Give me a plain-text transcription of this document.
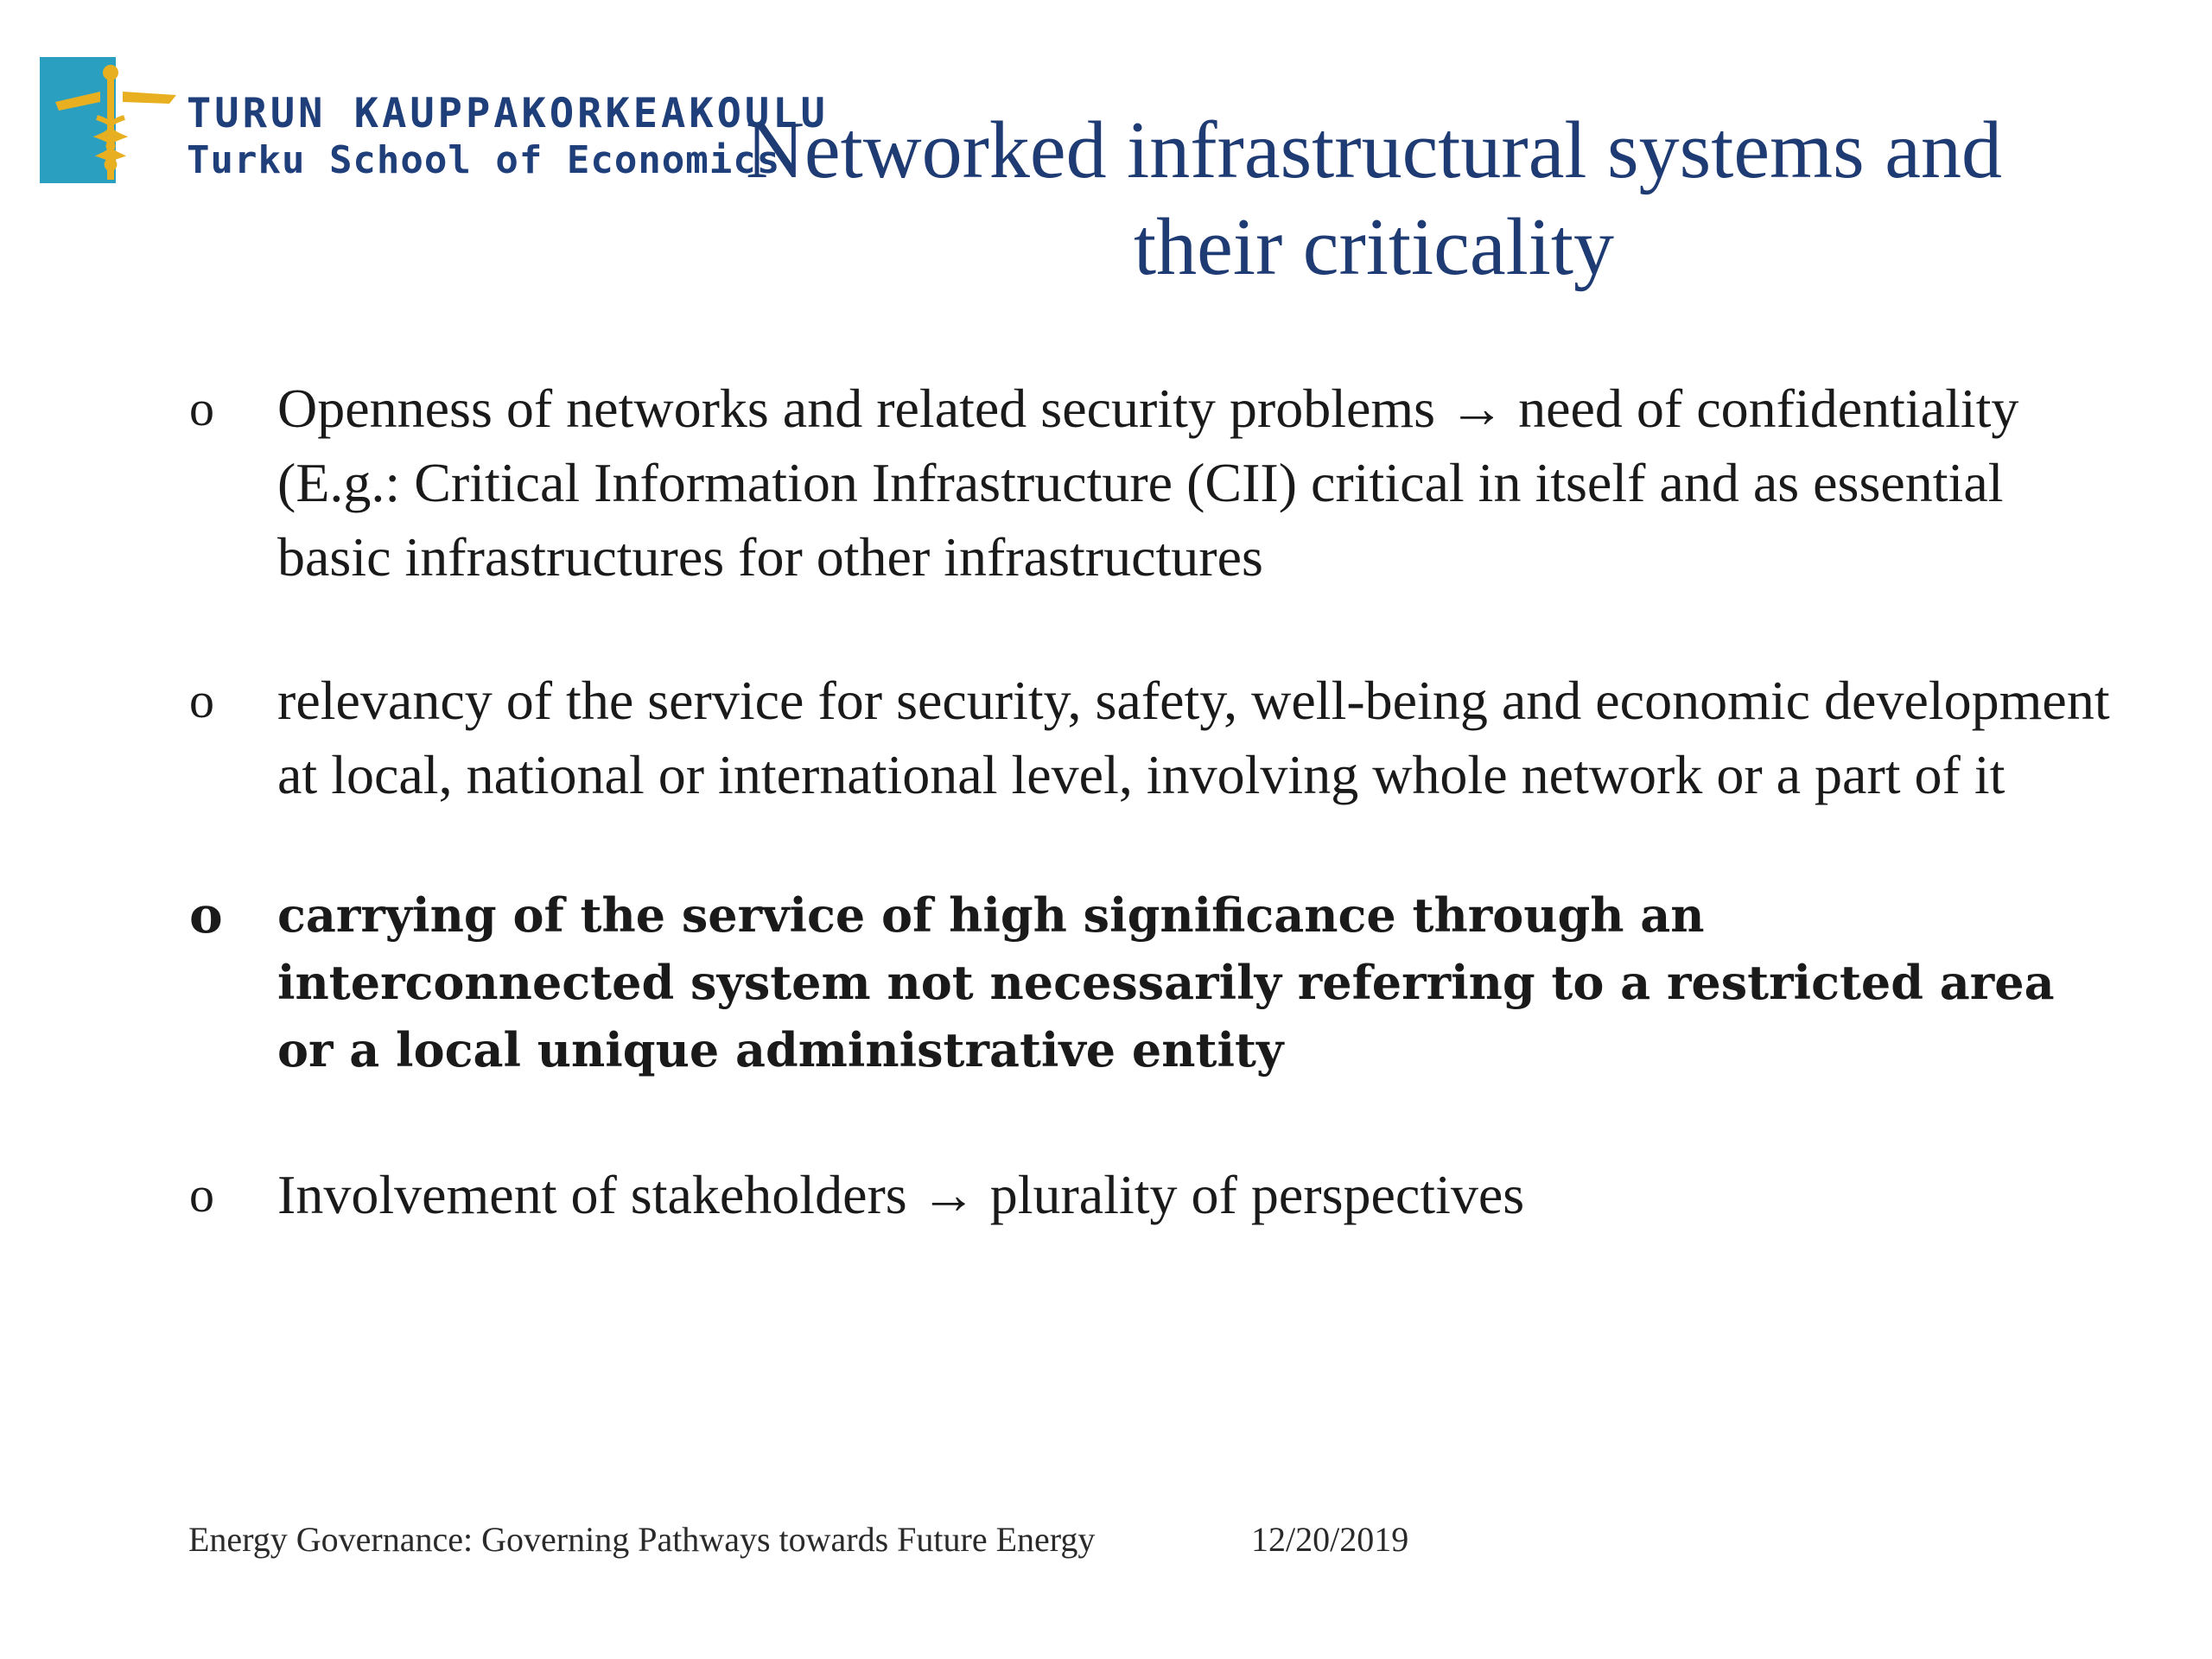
TURUN KAUPPAKORKEAKOULU
Turku School of Economics
Networked infrastructural systems and
their criticality
o Openness of networks and related security problems → need of confidentiality (E.g.: Critical Information Infrastructure (CII) critical in itself and as essential basic infrastructures for other infrastructures
o relevancy of the service for security, safety, well-being and economic development at local, national or international level, involving whole network or a part of it
o carrying of the service of high significance through an interconnected system not necessarily referring to a restricted area or a local unique administrative entity
o Involvement of stakeholders → plurality of perspectives
Energy Governance: Governing Pathways towards Future Energy	12/20/2019
